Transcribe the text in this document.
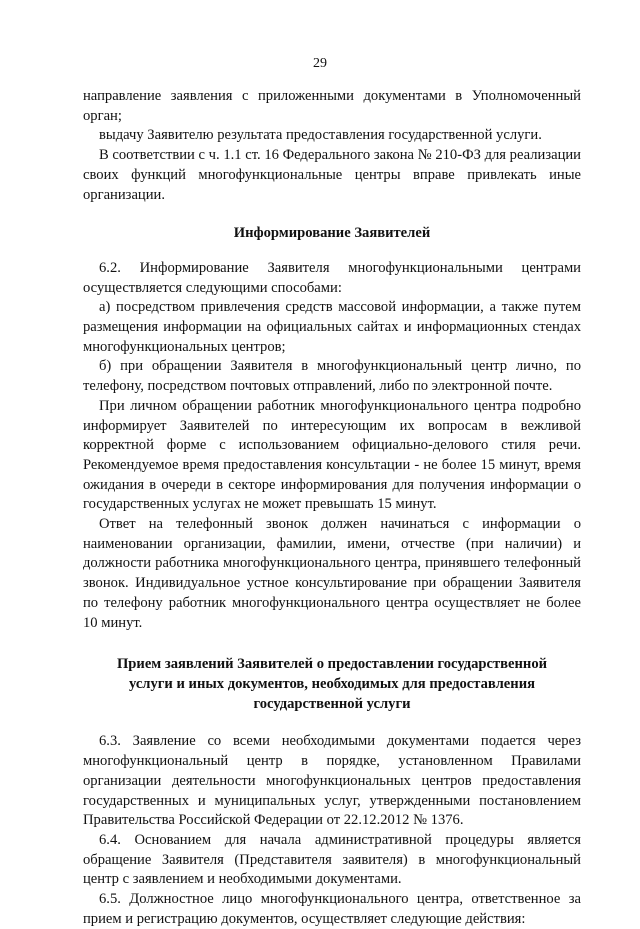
29

направление заявления с приложенными документами в Уполномоченный орган;

выдачу Заявителю результата предоставления государственной услуги.

В соответствии с ч. 1.1 ст. 16 Федерального закона № 210-ФЗ для реализации своих функций многофункциональные центры вправе привлекать иные организации.

Информирование Заявителей

6.2. Информирование Заявителя многофункциональными центрами осуществляется следующими способами:

а) посредством привлечения средств массовой информации, а также путем размещения информации на официальных сайтах и информационных стендах многофункциональных центров;

б) при обращении Заявителя в многофункциональный центр лично, по телефону, посредством почтовых отправлений, либо по электронной почте.

При личном обращении работник многофункционального центра подробно информирует Заявителей по интересующим их вопросам в вежливой корректной форме с использованием официально-делового стиля речи. Рекомендуемое время предоставления консультации - не более 15 минут, время ожидания в очереди в секторе информирования для получения информации о государственных услугах не может превышать 15 минут.

Ответ на телефонный звонок должен начинаться с информации о наименовании организации, фамилии, имени, отчестве (при наличии) и должности работника многофункционального центра, принявшего телефонный звонок. Индивидуальное устное консультирование при обращении Заявителя по телефону работник многофункционального центра осуществляет не более 10 минут.

Прием заявлений Заявителей о предоставлении государственной

услуги и иных документов, необходимых для предоставления

государственной услуги

6.3. Заявление со всеми необходимыми документами подается через многофункциональный центр в порядке, установленном Правилами организации деятельности многофункциональных центров предоставления государственных и муниципальных услуг, утвержденными постановлением Правительства Российской Федерации от 22.12.2012 № 1376.

6.4. Основанием для начала административной процедуры является обращение Заявителя (Представителя заявителя) в многофункциональный центр с заявлением и необходимыми документами.

6.5. Должностное лицо многофункционального центра, ответственное за прием и регистрацию документов, осуществляет следующие действия:
